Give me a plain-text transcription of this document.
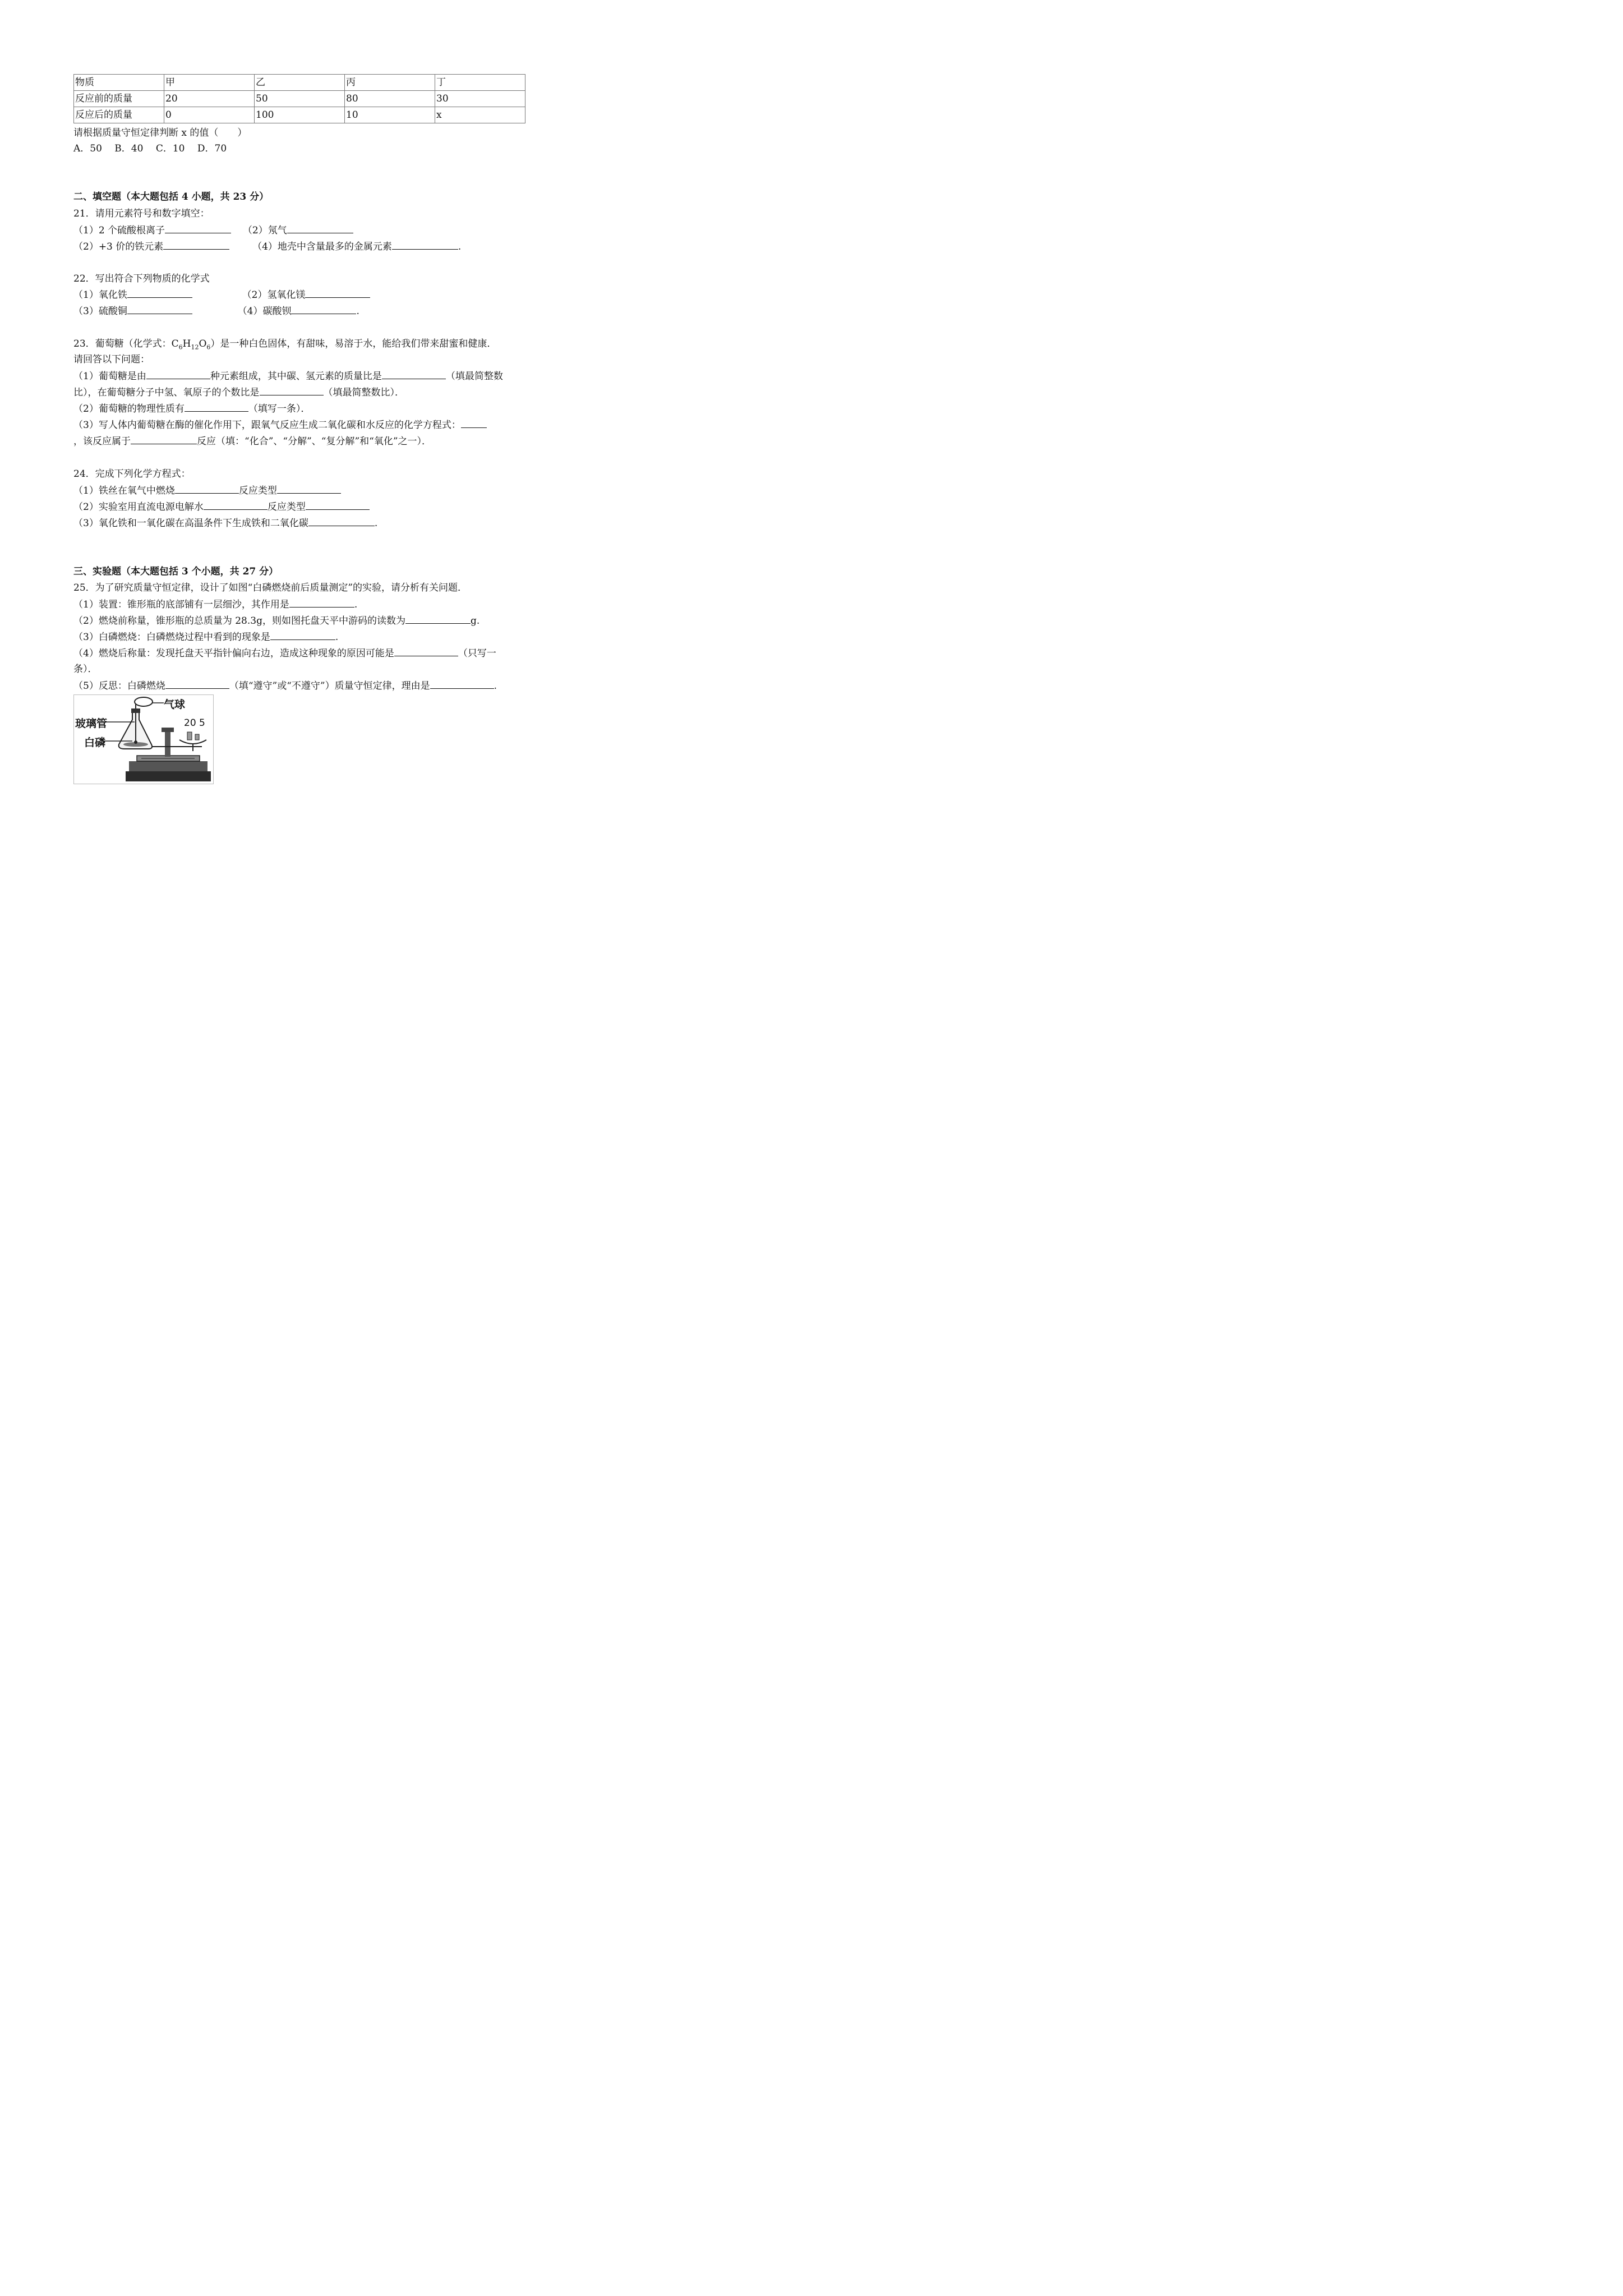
物质	甲	乙	丙	丁
反应前的质量	20	50	80	30
反应后的质量	0	100	10	x
请根据质量守恒定律判断 x 的值（　　）
A．50　 B．40　 C．10　 D．70
二、填空题（本大题包括 4 小题，共 23 分）
21．请用元素符号和数字填空：
（1）2 个硫酸根离子	（2）氖气
（2）+3 价的铁元素	（4）地壳中含量最多的金属元素	.
22．写出符合下列物质的化学式
（1）氧化铁	（2）氢氧化镁
（3）硫酸铜	（4）碳酸钡	.
23．葡萄糖（化学式：$C_6H_{12}O_6$）是一种白色固体，有甜味，易溶于水，能给我们带来甜蜜和健康．
请回答以下问题：
（1）葡萄糖是由	种元素组成，其中碳、氢元素的质量比是	（填最简整数
比），在葡萄糖分子中氢、氧原子的个数比是	（填最简整数比）．
（2）葡萄糖的物理性质有	（填写一条）．
（3）写人体内葡萄糖在酶的催化作用下，跟氧气反应生成二氧化碳和水反应的化学方程式：
，该反应属于	反应（填：“化合”、“分解”、“复分解”和“氧化”之一）．
24．完成下列化学方程式：
（1）铁丝在氧气中燃烧	反应类型
（2）实验室用直流电源电解水	反应类型
（3）氧化铁和一氧化碳在高温条件下生成铁和二氧化碳	.
三、实验题（本大题包括 3 个小题，共 27 分）
25．为了研究质量守恒定律，设计了如图“白磷燃烧前后质量测定”的实验，请分析有关问题．
（1）装置：锥形瓶的底部铺有一层细沙，其作用是	.
（2）燃烧前称量，锥形瓶的总质量为 28.3g，则如图托盘天平中游码的读数为	g.
（3）白磷燃烧：白磷燃烧过程中看到的现象是	.
（4）燃烧后称量：发现托盘天平指针偏向右边，造成这种现象的原因可能是	（只写一
条）．
（5）反思：白磷燃烧	（填“遵守”或“不遵守”）质量守恒定律，理由是	.
气球
玻璃管
白磷
20 5
